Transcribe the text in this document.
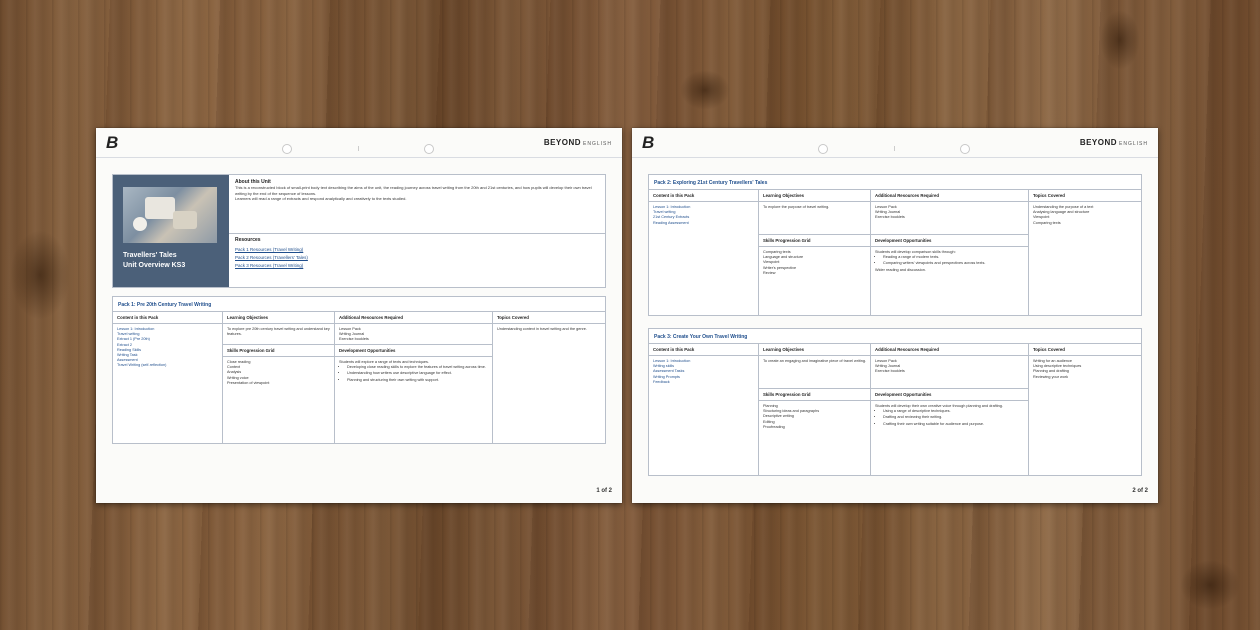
B	BEYOND ENGLISH
Travellers' Tales
Unit Overview KS3
About this Unit
This is a reconstructed block of small-print body text describing the aims of the unit, the reading journey across travel writing from the 20th and 21st centuries, and how pupils will develop their own travel writing by the end of the sequence of lessons.
Learners will read a range of extracts and respond analytically and creatively to the texts studied.
Resources
Pack 1 Resources (Travel Writing)
Pack 2 Resources (Travellers' Tales)
Pack 3 Resources (Travel Writing)
Pack 1: Pre 20th Century Travel Writing
Content in this Pack
Lesson 1: Introduction
Travel writing
Extract 1 (Pre 20th)
Extract 2
Reading Skills
Writing Task
Assessment
Travel Writing (self-reflection)
Learning Objectives
To explore pre 20th century travel writing and understand key features.
Skills Progression Grid
Close reading
Context
Analysis
Writing voice
Presentation of viewpoint
Additional Resources Required
Lesson Pack
Writing Journal
Exercise booklets
Development Opportunities
Students will explore a range of texts and techniques.
• Developing close reading skills to explore the features of travel writing across time.
• Understanding how writers use descriptive language for effect.
• Planning and structuring their own writing with support.
Topics Covered
Understanding context in travel writing and the genre.
1 of 2
B	BEYOND ENGLISH
Pack 2: Exploring 21st Century Travellers' Tales
Content in this Pack
Lesson 1: Introduction
Travel writing
21st Century Extracts
Reading Assessment
Learning Objectives
To explore the purpose of travel writing.
Skills Progression Grid
Comparing texts
Language and structure
Viewpoint
Writer's perspective
Review
Additional Resources Required
Lesson Pack
Writing Journal
Exercise booklets
Development Opportunities
Students will develop comparison skills through:
• Reading a range of modern texts.
• Comparing writers' viewpoints and perspectives across texts.
Wider reading and discussion.
Topics Covered
Understanding the purpose of a text
Analysing language and structure
Viewpoint
Comparing texts
Pack 3: Create Your Own Travel Writing
Content in this Pack
Lesson 1: Introduction
Writing skills
Assessment Tasks
Writing Prompts
Feedback
Learning Objectives
To create an engaging and imaginative piece of travel writing.
Skills Progression Grid
Planning
Structuring ideas and paragraphs
Descriptive writing
Editing
Proofreading
Additional Resources Required
Lesson Pack
Writing Journal
Exercise booklets
Development Opportunities
Students will develop their own creative voice through planning and drafting.
• Using a range of descriptive techniques.
• Drafting and reviewing their writing.
• Crafting their own writing suitable for audience and purpose.
Topics Covered
Writing for an audience
Using descriptive techniques
Planning and drafting
Reviewing your work
2 of 2
